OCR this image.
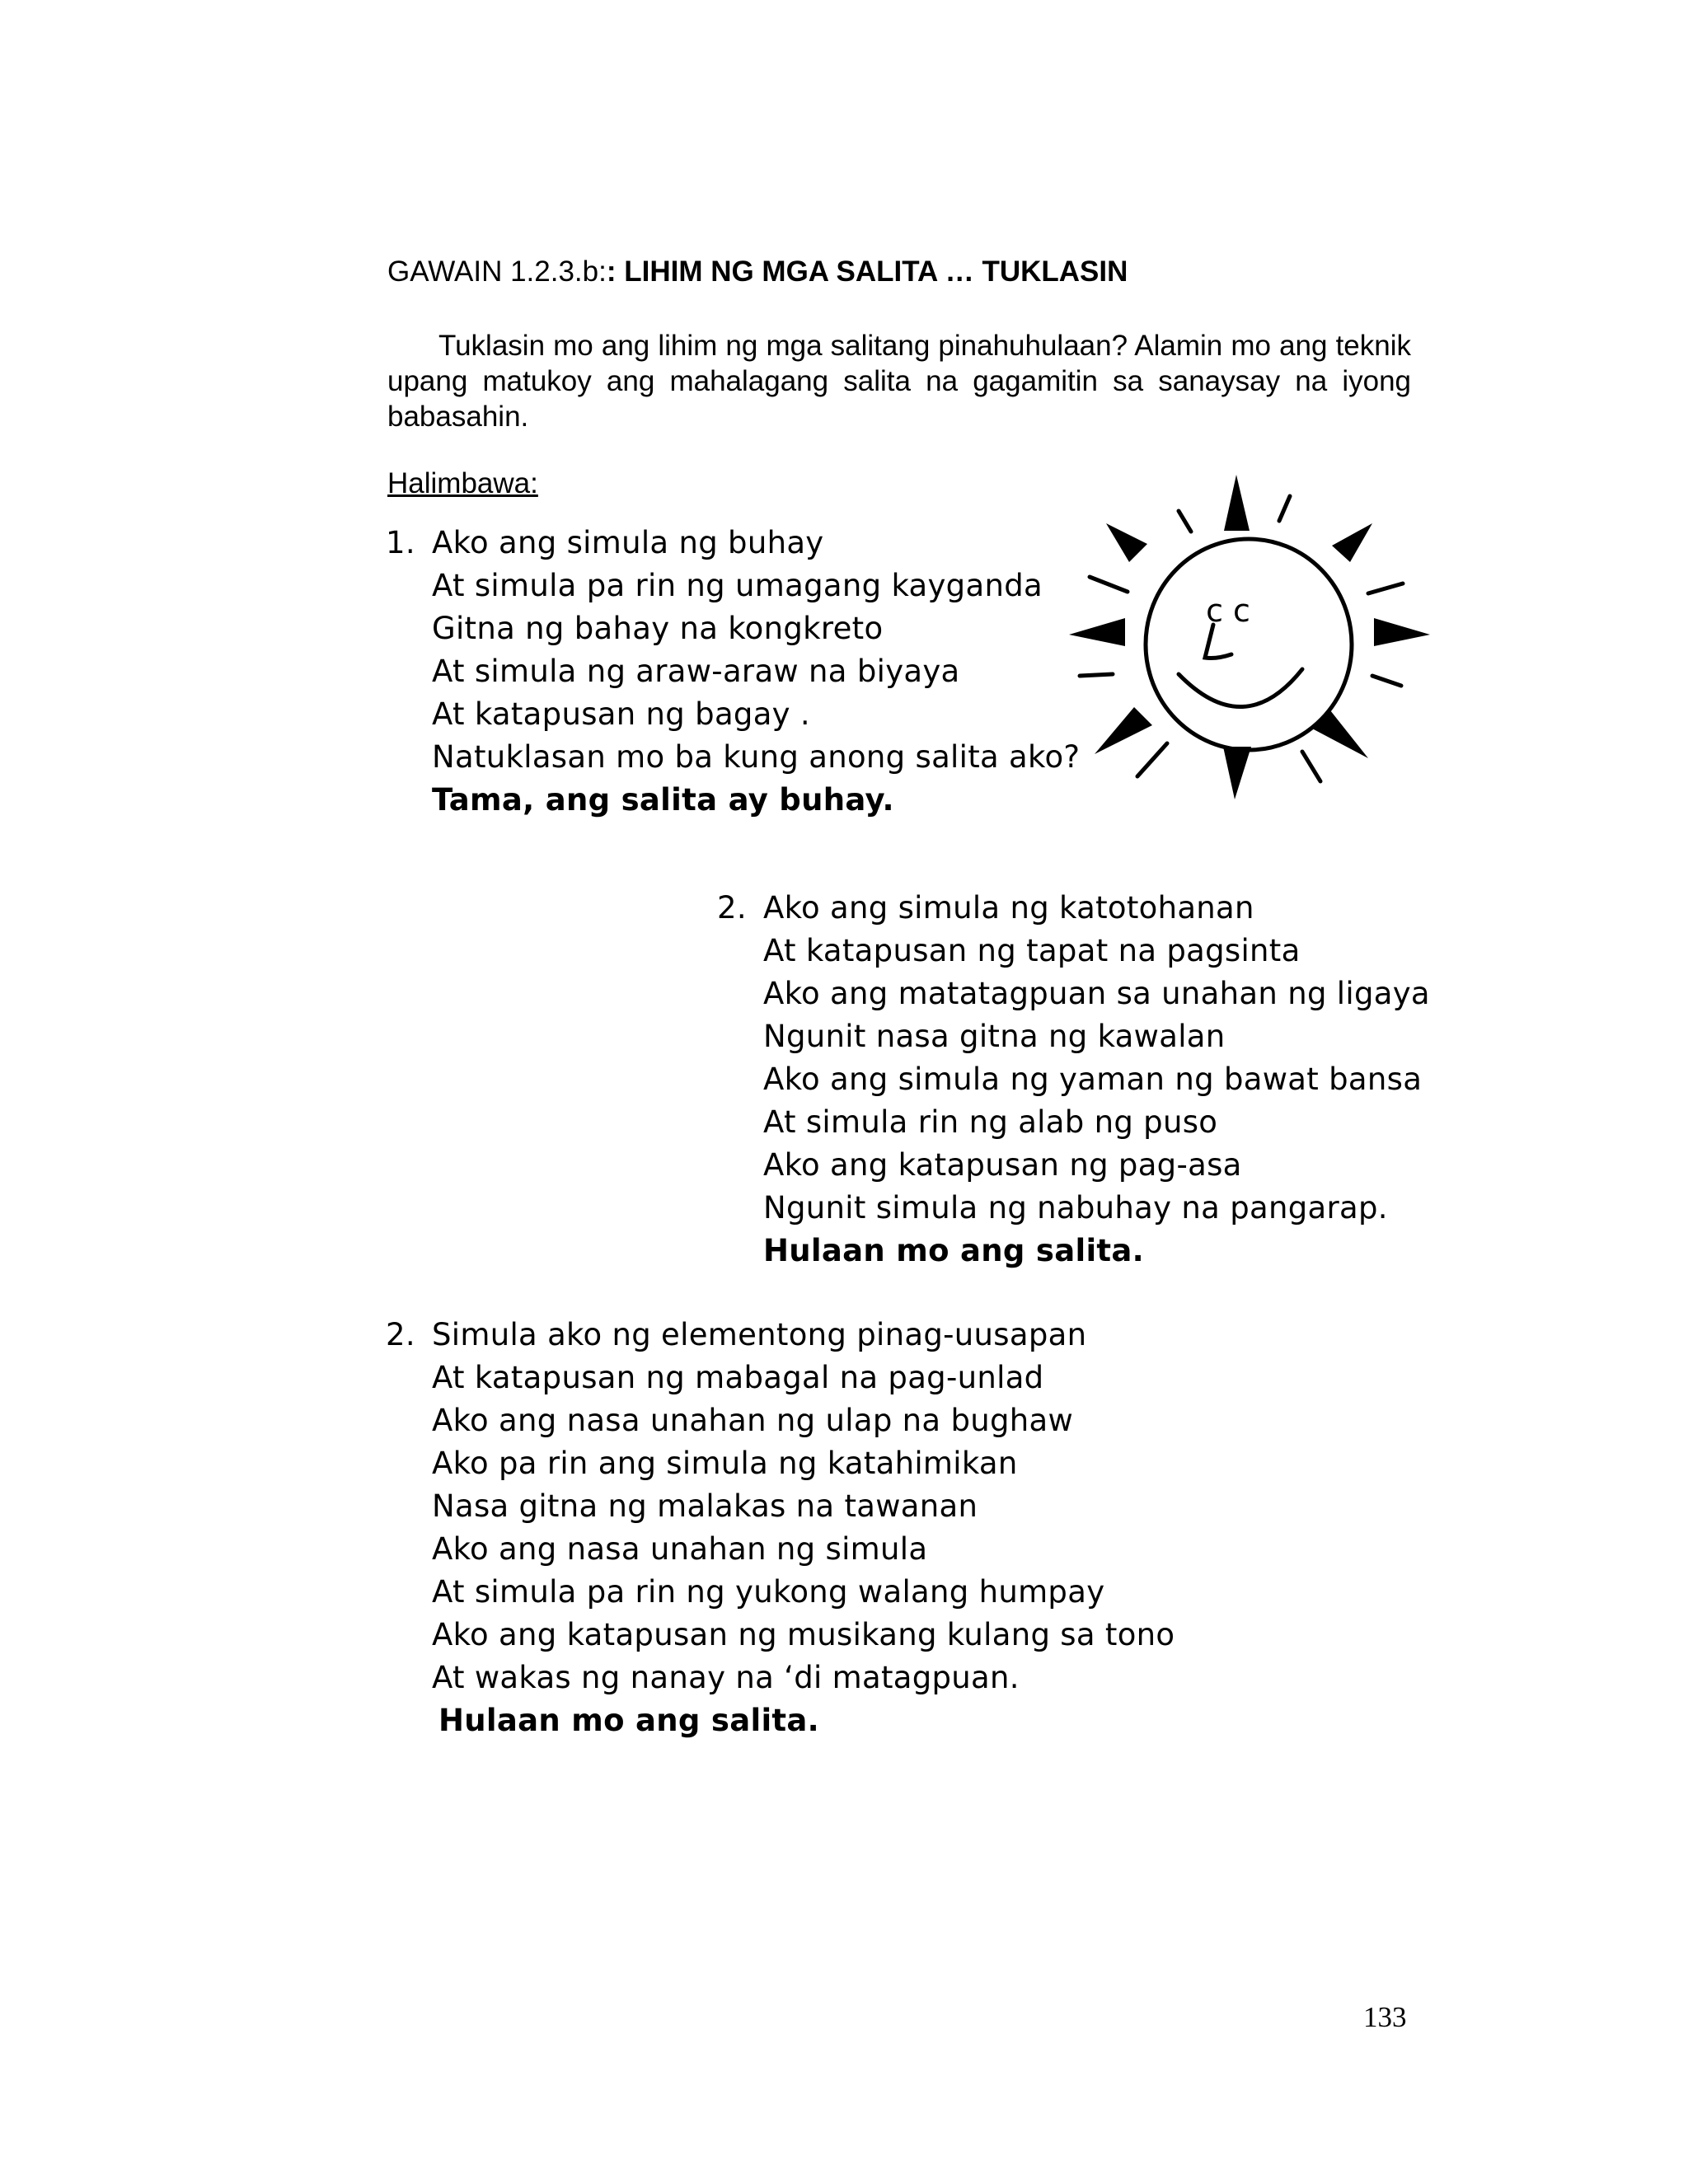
GAWAIN 1.2.3.b:: LIHIM NG MGA SALITA … TUKLASIN
Tuklasin mo ang lihim ng mga salitang pinahuhulaan? Alamin mo ang teknik upang matukoy ang mahalagang salita na gagamitin sa sanaysay na iyong babasahin.
Halimbawa:
1. Ako ang simula ng buhay
At simula pa rin ng umagang kayganda
Gitna ng bahay na kongkreto
At simula ng araw-araw na biyaya
At katapusan ng bagay .
Natuklasan mo ba kung anong salita ako?
Tama, ang salita ay buhay.
c c
2. Ako ang simula ng katotohanan
At katapusan ng tapat na pagsinta
Ako ang matatagpuan sa unahan ng ligaya
Ngunit nasa gitna ng kawalan
Ako ang simula ng yaman ng bawat bansa
At simula rin ng alab ng puso
Ako ang katapusan ng pag-asa
Ngunit simula ng nabuhay na pangarap.
Hulaan mo ang salita.
2. Simula ako ng elementong pinag-uusapan
At katapusan ng mabagal na pag-unlad
Ako ang nasa unahan ng ulap na bughaw
Ako pa rin ang simula ng katahimikan
Nasa gitna ng malakas na tawanan
Ako ang nasa unahan ng simula
At simula pa rin ng yukong walang humpay
Ako ang katapusan ng musikang kulang sa tono
At wakas ng nanay na ‘di matagpuan.
Hulaan mo ang salita.
133
